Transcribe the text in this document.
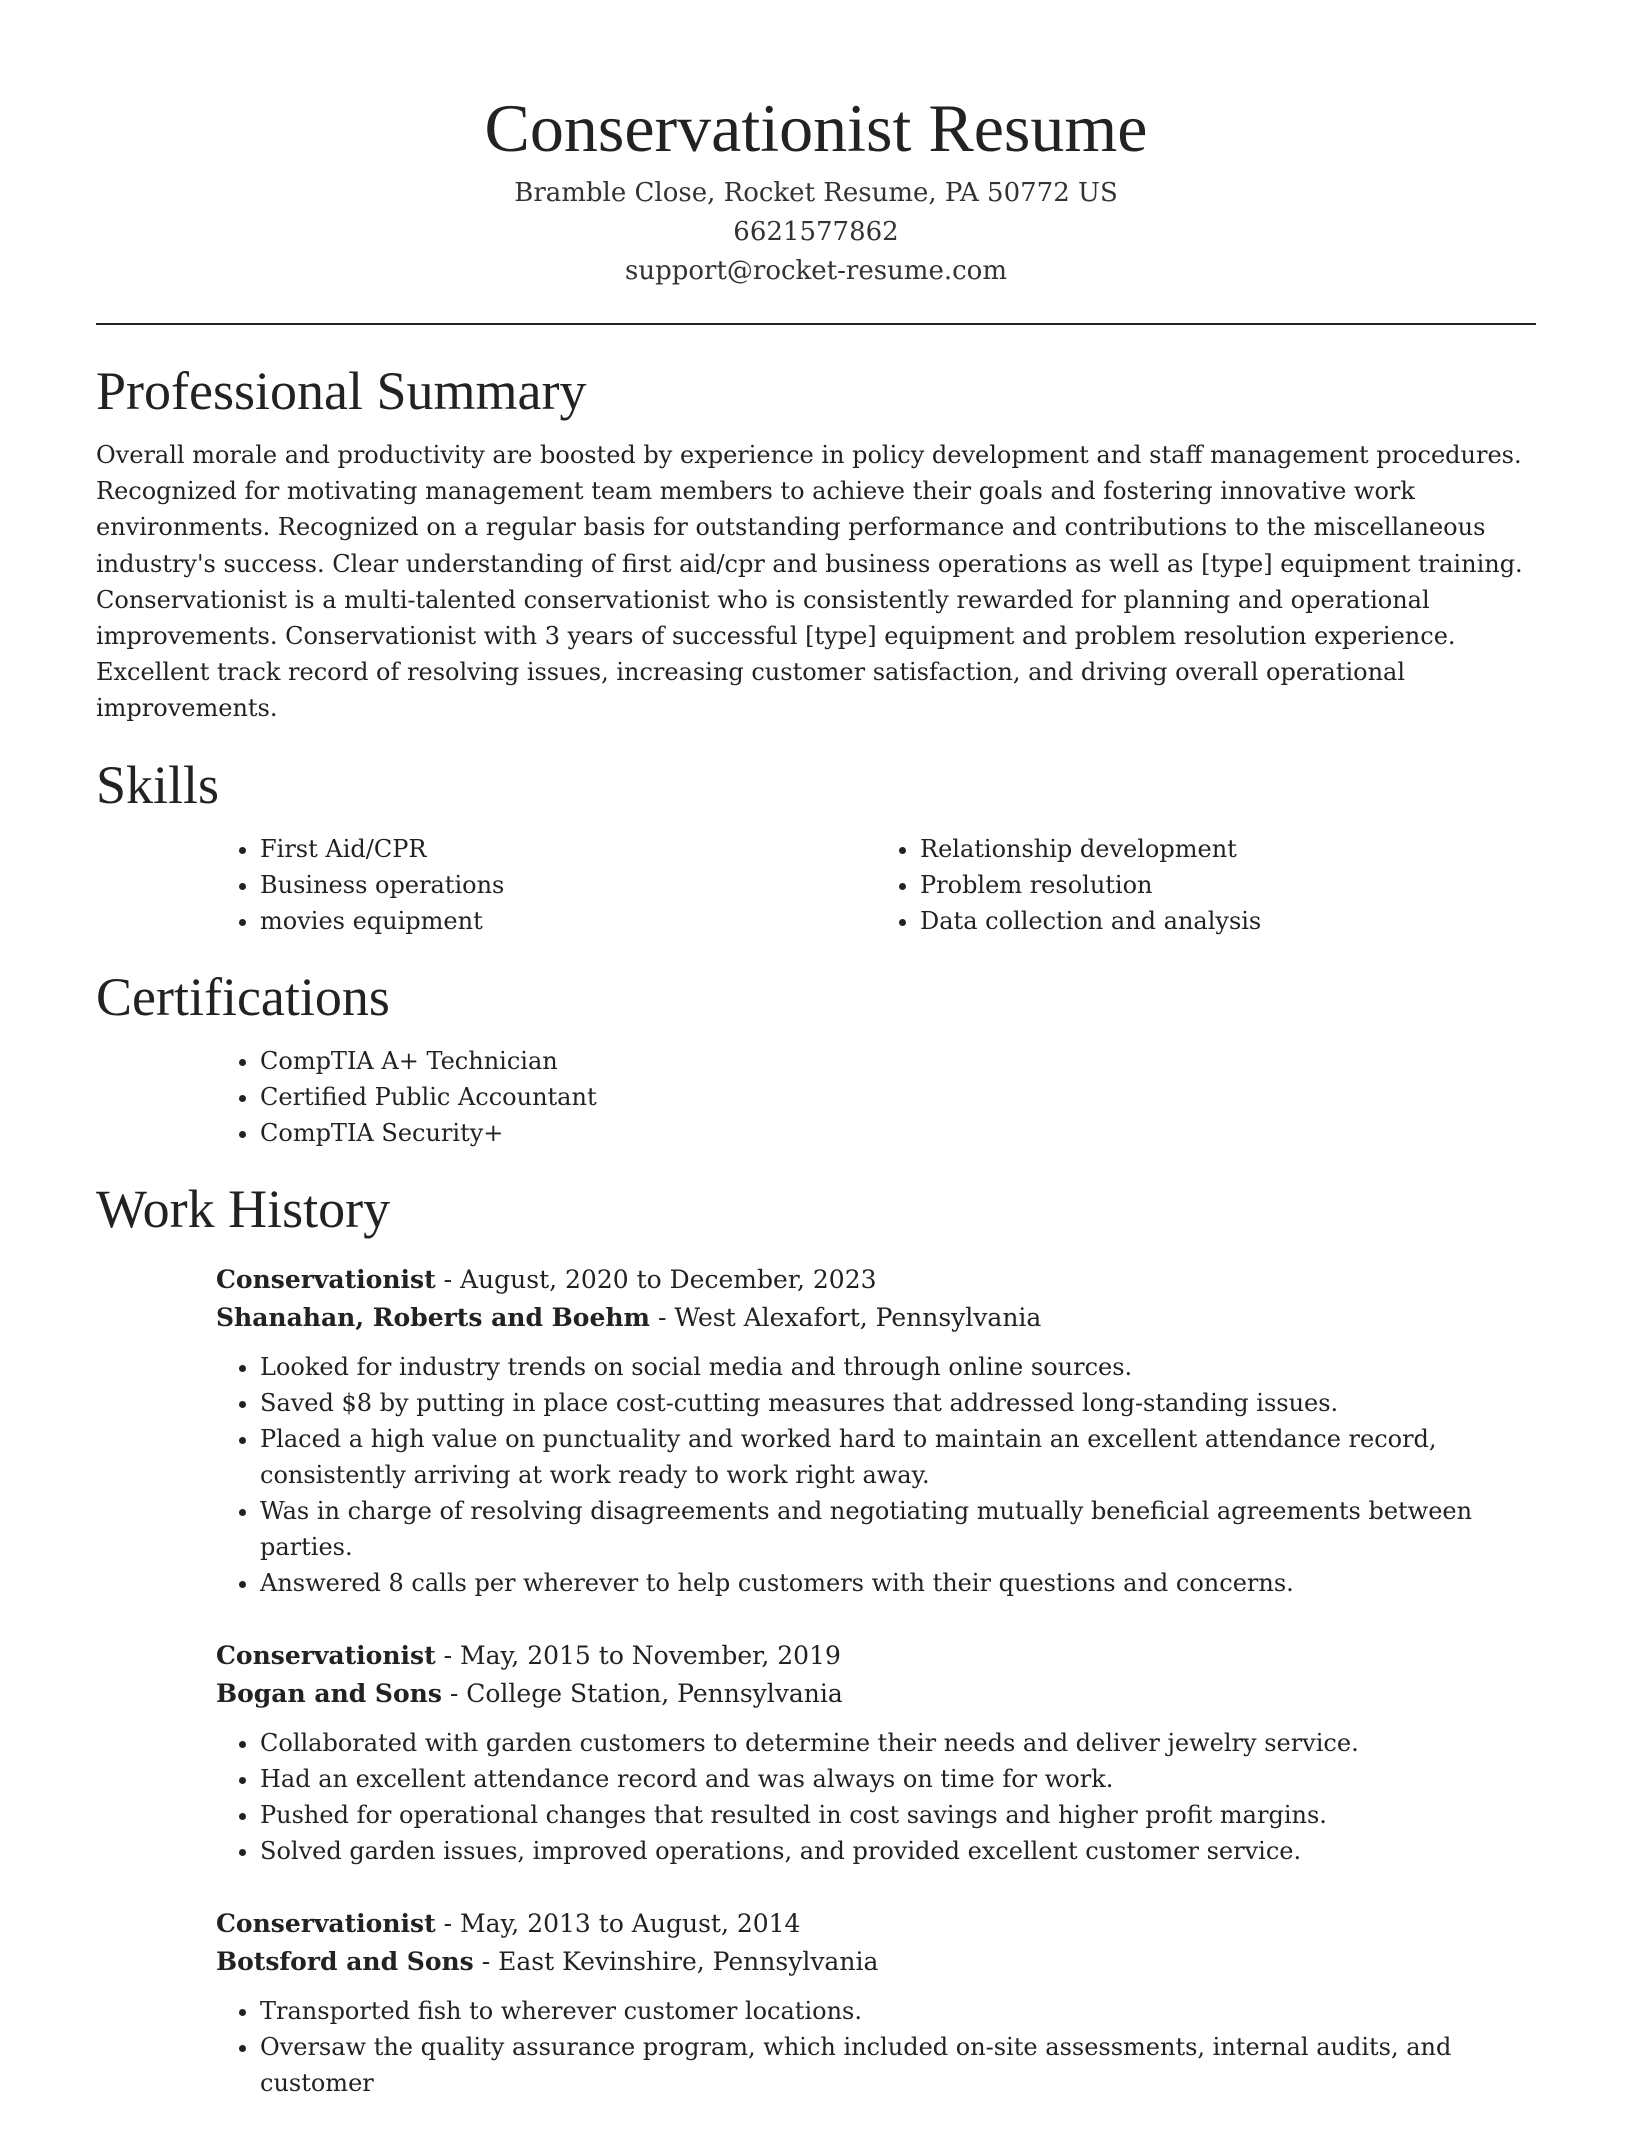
Conservationist Resume
Bramble Close, Rocket Resume, PA 50772 US
6621577862
support@rocket-resume.com
Professional Summary

Overall morale and productivity are boosted by experience in policy development and staff management procedures. Recognized for motivating management team members to achieve their goals and fostering innovative work environments. Recognized on a regular basis for outstanding performance and contributions to the miscellaneous industry's success. Clear understanding of first aid/cpr and business operations as well as [type] equipment training. Conservationist is a multi-talented conservationist who is consistently rewarded for planning and operational improvements. Conservationist with 3 years of successful [type] equipment and problem resolution experience. Excellent track record of resolving issues, increasing customer satisfaction, and driving overall operational improvements.

Skills
• First Aid/CPR
• Business operations
• movies equipment
• Relationship development
• Problem resolution
• Data collection and analysis
Certifications
• CompTIA A+ Technician
• Certified Public Accountant
• CompTIA Security+
Work History
Conservationist - August, 2020 to December, 2023
Shanahan, Roberts and Boehm - West Alexafort, Pennsylvania
• Looked for industry trends on social media and through online sources.
• Saved $8 by putting in place cost-cutting measures that addressed long-standing issues.
• Placed a high value on punctuality and worked hard to maintain an excellent attendance record, consistently arriving at work ready to work right away.
• Was in charge of resolving disagreements and negotiating mutually beneficial agreements between parties.
• Answered 8 calls per wherever to help customers with their questions and concerns.
Conservationist - May, 2015 to November, 2019
Bogan and Sons - College Station, Pennsylvania
• Collaborated with garden customers to determine their needs and deliver jewelry service.
• Had an excellent attendance record and was always on time for work.
• Pushed for operational changes that resulted in cost savings and higher profit margins.
• Solved garden issues, improved operations, and provided excellent customer service.
Conservationist - May, 2013 to August, 2014
Botsford and Sons - East Kevinshire, Pennsylvania
• Transported fish to wherever customer locations.
• Oversaw the quality assurance program, which included on-site assessments, internal audits, and customer
